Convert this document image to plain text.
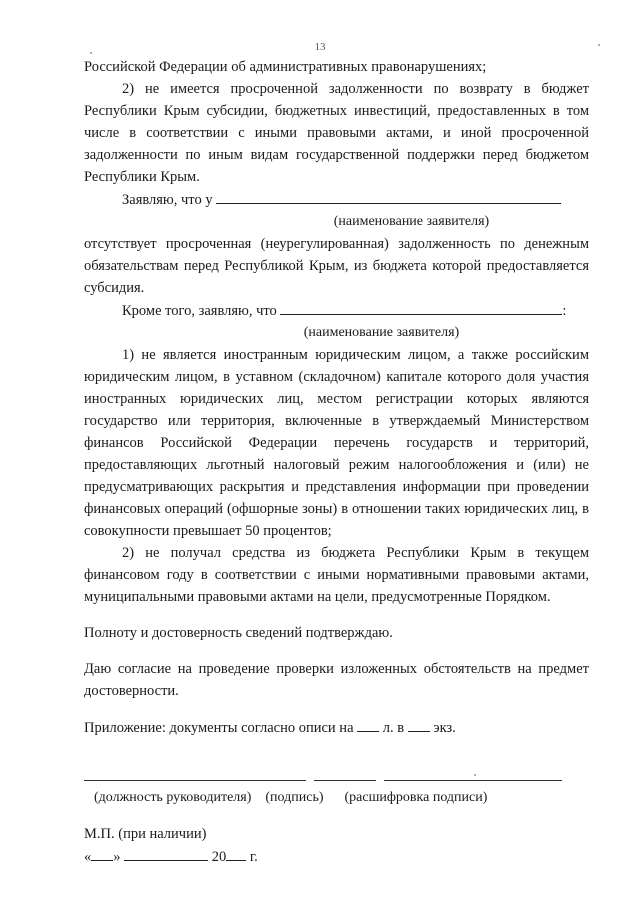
13

Российской Федерации об административных правонарушениях;

2) не имеется просроченной задолженности по возврату в бюджет Республики Крым субсидии, бюджетных инвестиций, предоставленных в том числе в соответствии с иными правовыми актами, и иной просроченной задолженности по иным видам государственной поддержки перед бюджетом Республики Крым.

Заявляю, что у

(наименование заявителя)

отсутствует просроченная (неурегулированная) задолженность по денежным обязательствам перед Республикой Крым, из бюджета которой предоставляется субсидия.

Кроме того, заявляю, что	:

(наименование заявителя)

1) не является иностранным юридическим лицом, а также российским юридическим лицом, в уставном (складочном) капитале которого доля участия иностранных юридических лиц, местом регистрации которых являются государство или территория, включенные в утверждаемый Министерством финансов Российской Федерации перечень государств и территорий, предоставляющих льготный налоговый режим налогообложения и (или) не предусматривающих раскрытия и представления информации при проведении финансовых операций (офшорные зоны) в отношении таких юридических лиц, в совокупности превышает 50 процентов;

2) не получал средства из бюджета Республики Крым в текущем финансовом году в соответствии с иными нормативными правовыми актами, муниципальными правовыми актами на цели, предусмотренные Порядком.

Полноту и достоверность сведений подтверждаю.

Даю согласие на проведение проверки изложенных обстоятельств на предмет достоверности.

Приложение: документы согласно описи на л. в экз.

(должность руководителя) (подпись) (расшифровка подписи)

М.П. (при наличии)

« »	20 г.
